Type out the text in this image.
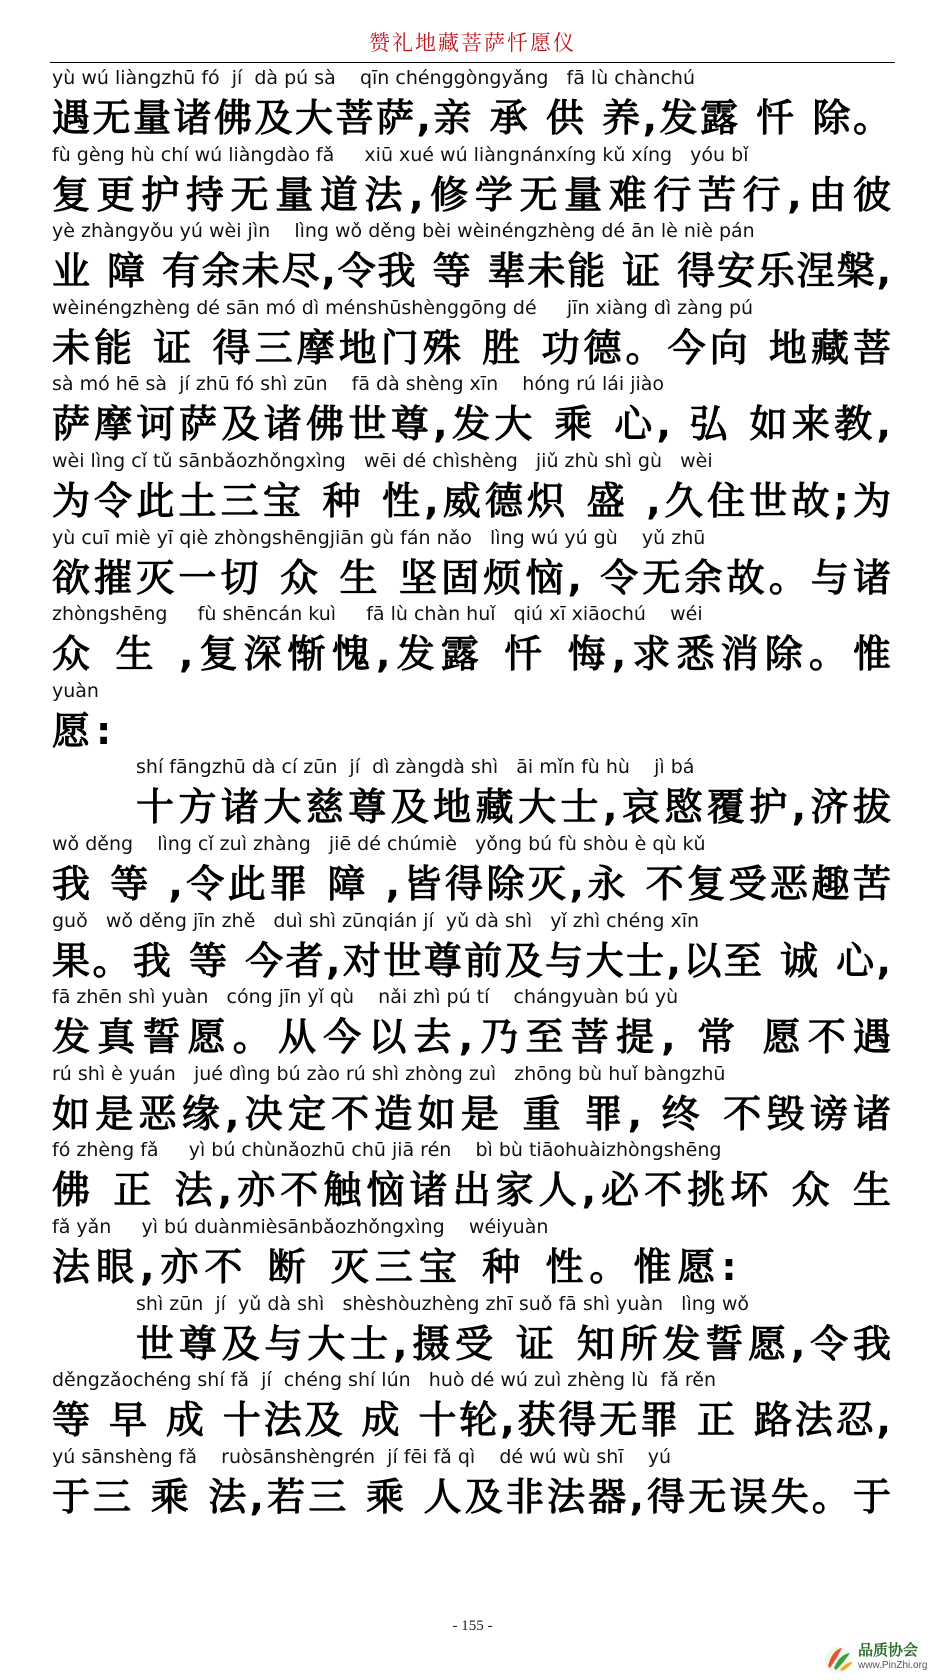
赞礼地藏菩萨忏愿仪
yù wú liàngzhū fó  jí  dà pú sà    qīn chénggòngyǎng   fā lù chànchú
遇无量诸佛及大菩萨,亲 承 供 养,发露 忏 除。
fù gèng hù chí wú liàngdào fǎ     xiū xué wú liàngnánxíng kǔ xíng   yóu bǐ
复更护持无量道法,修学无量难行苦行,由彼
yè zhàngyǒu yú wèi jìn    lìng wǒ děng bèi wèinéngzhèng dé ān lè niè pán
业 障 有余未尽,令我 等 辈未能 证 得安乐涅槃,
wèinéngzhèng dé sān mó dì ménshūshènggōng dé     jīn xiàng dì zàng pú
未能 证 得三摩地门殊 胜 功德。今向 地藏菩
sà mó hē sà  jí zhū fó shì zūn    fā dà shèng xīn    hóng rú lái jiào
萨摩诃萨及诸佛世尊,发大 乘 心, 弘 如来教,
wèi lìng cǐ tǔ sānbǎozhǒngxìng   wēi dé chìshèng   jiǔ zhù shì gù   wèi
为令此土三宝 种 性,威德炽 盛 ,久住世故;为
yù cuī miè yī qiè zhòngshēngjiān gù fán nǎo   lìng wú yú gù    yǔ zhū
欲摧灭一切 众 生 坚固烦恼, 令无余故。与诸
zhòngshēng     fù shēncán kuì     fā lù chàn huǐ   qiú xī xiāochú    wéi
众 生 ,复深惭愧,发露 忏 悔,求悉消除。惟
yuàn
愿:
shí fāngzhū dà cí zūn  jí  dì zàngdà shì   āi mǐn fù hù    jì bá
十方诸大慈尊及地藏大士,哀愍覆护,济拔
wǒ děng    lìng cǐ zuì zhàng   jiē dé chúmiè   yǒng bú fù shòu è qù kǔ
我 等 ,令此罪 障 ,皆得除灭,永 不复受恶趣苦
guǒ   wǒ děng jīn zhě   duì shì zūnqián jí  yǔ dà shì   yǐ zhì chéng xīn
果。我 等 今者,对世尊前及与大士,以至 诚 心,
fā zhēn shì yuàn   cóng jīn yǐ qù    nǎi zhì pú tí    chángyuàn bú yù
发真誓愿。从今以去,乃至菩提, 常 愿不遇
rú shì è yuán   jué dìng bú zào rú shì zhòng zuì   zhōng bù huǐ bàngzhū
如是恶缘,决定不造如是 重 罪, 终 不毁谤诸
fó zhèng fǎ     yì bú chùnǎozhū chū jiā rén    bì bù tiāohuàizhòngshēng
佛 正 法,亦不触恼诸出家人,必不挑坏 众 生
fǎ yǎn     yì bú duànmièsānbǎozhǒngxìng    wéiyuàn
法眼,亦不 断 灭三宝 种 性。惟愿:
shì zūn  jí  yǔ dà shì   shèshòuzhèng zhī suǒ fā shì yuàn   lìng wǒ
世尊及与大士,摄受 证 知所发誓愿,令我
děngzǎochéng shí fǎ  jí  chéng shí lún   huò dé wú zuì zhèng lù  fǎ rěn
等 早 成 十法及 成 十轮,获得无罪 正 路法忍,
yú sānshèng fǎ    ruòsānshèngrén  jí fēi fǎ qì    dé wú wù shī    yú
于三 乘 法,若三 乘 人及非法器,得无误失。于
- 155 -
品质协会
www.PinZhi.org
